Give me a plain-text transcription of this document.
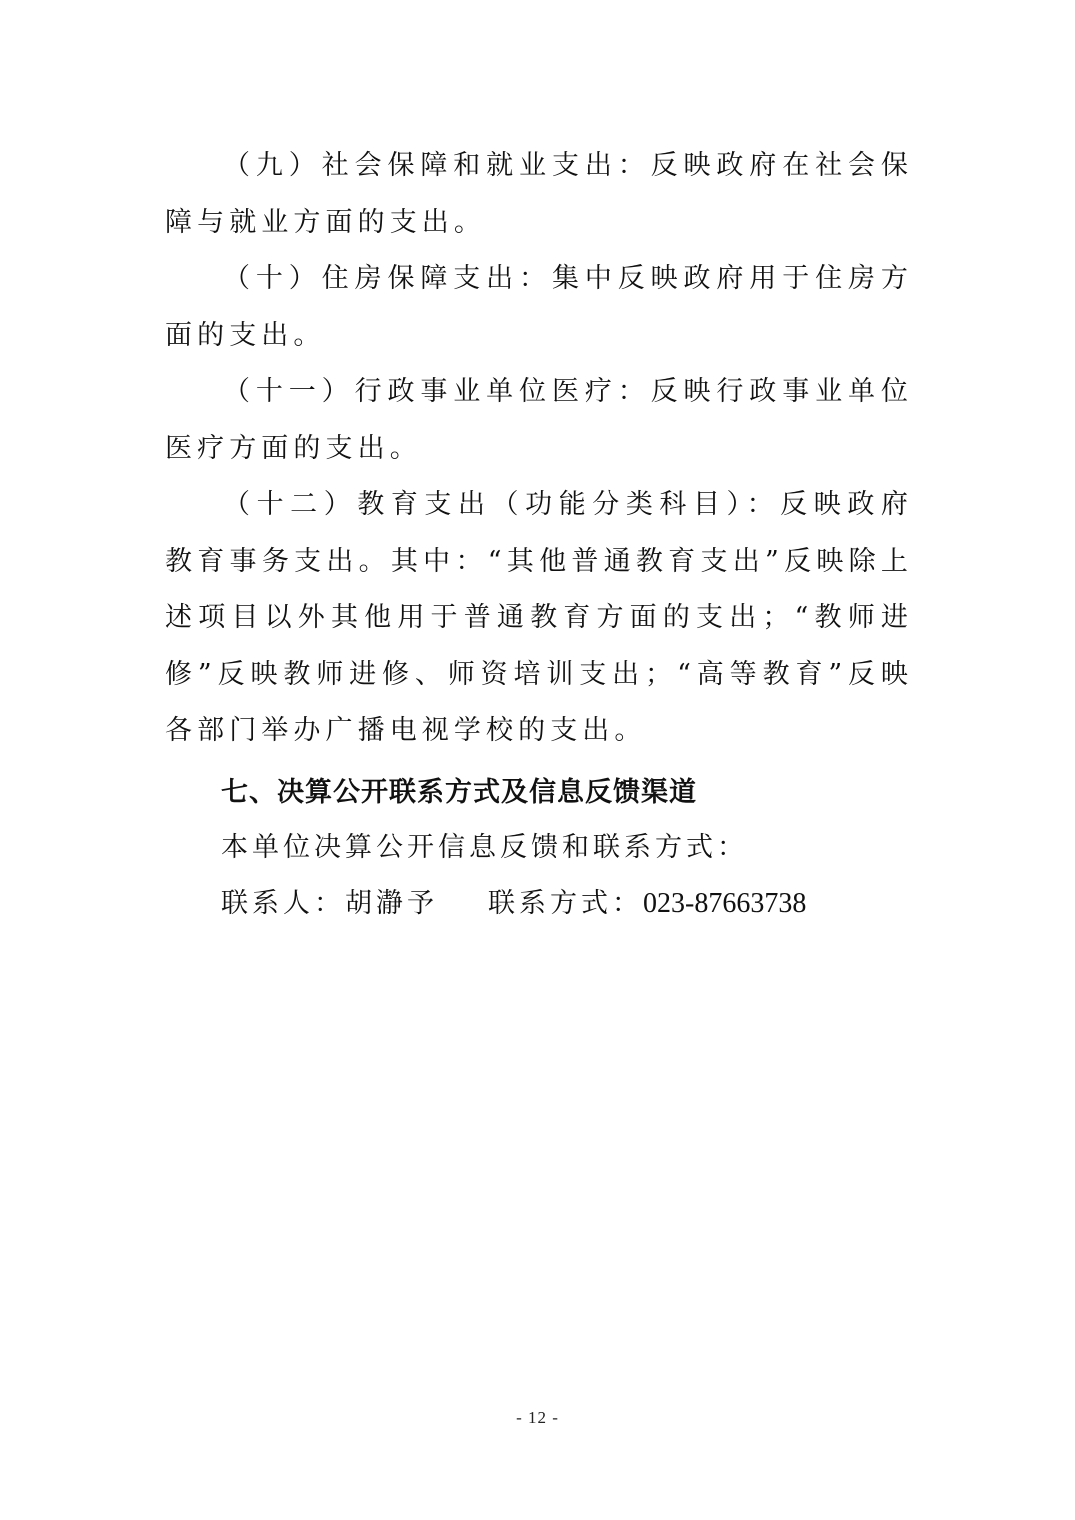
（九）社会保障和就业支出：反映政府在社会保障与就业方面的支出。

（十）住房保障支出：集中反映政府用于住房方面的支出。

（十一）行政事业单位医疗：反映行政事业单位医疗方面的支出。

（十二）教育支出（功能分类科目）：反映政府教育事务支出。其中：“其他普通教育支出”反映除上述项目以外其他用于普通教育方面的支出；“教师进修”反映教师进修、师资培训支出；“高等教育”反映各部门举办广播电视学校的支出。

七、决算公开联系方式及信息反馈渠道

本单位决算公开信息反馈和联系方式：

联系人：胡瀞予 联系方式：023-87663738

- 12 -
